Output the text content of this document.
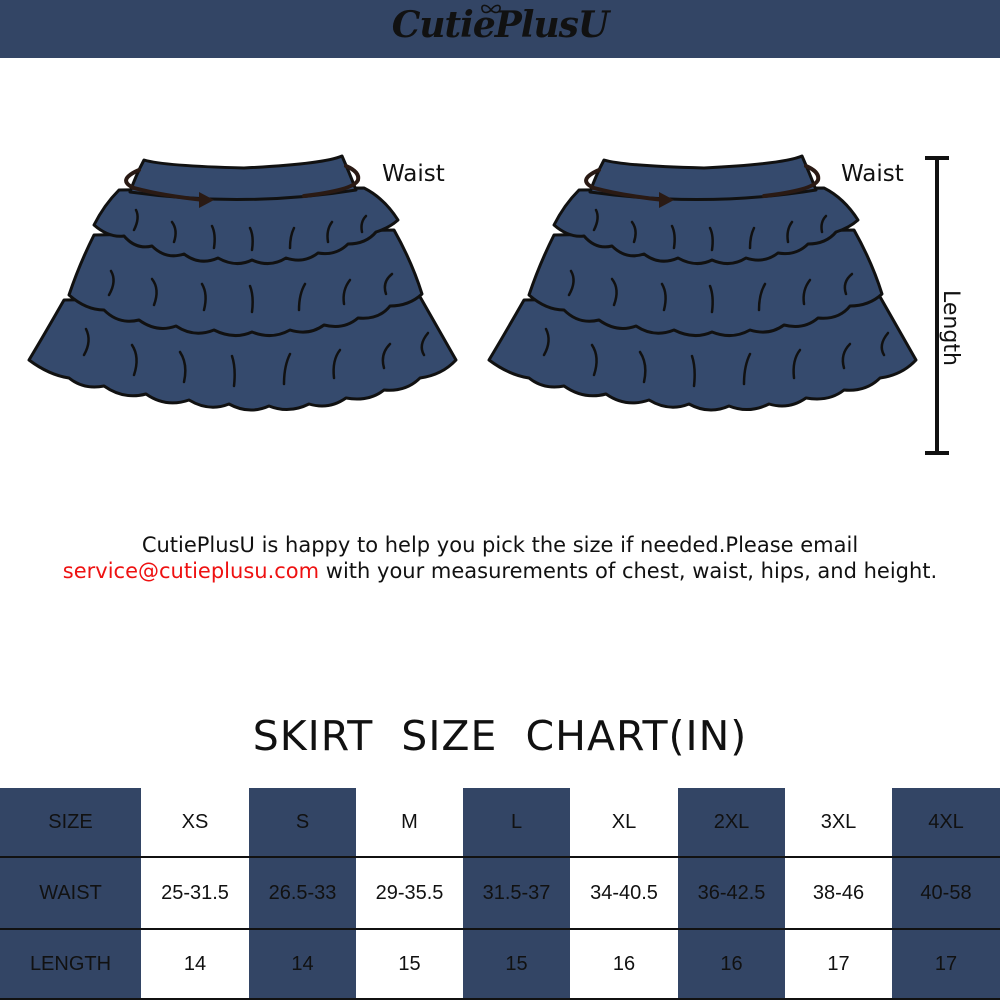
CutiePlusU
Waist	Waist
Length
CutiePlusU is happy to help you pick the size if needed.Please email
service@cutieplusu.com with your measurements of chest, waist, hips, and height.
SKIRT  SIZE  CHART(IN)
SIZE	XS	S	M	L	XL	2XL	3XL	4XL
WAIST	25-31.5	26.5-33	29-35.5	31.5-37	34-40.5	36-42.5	38-46	40-58
LENGTH	14	14	15	15	16	16	17	17
